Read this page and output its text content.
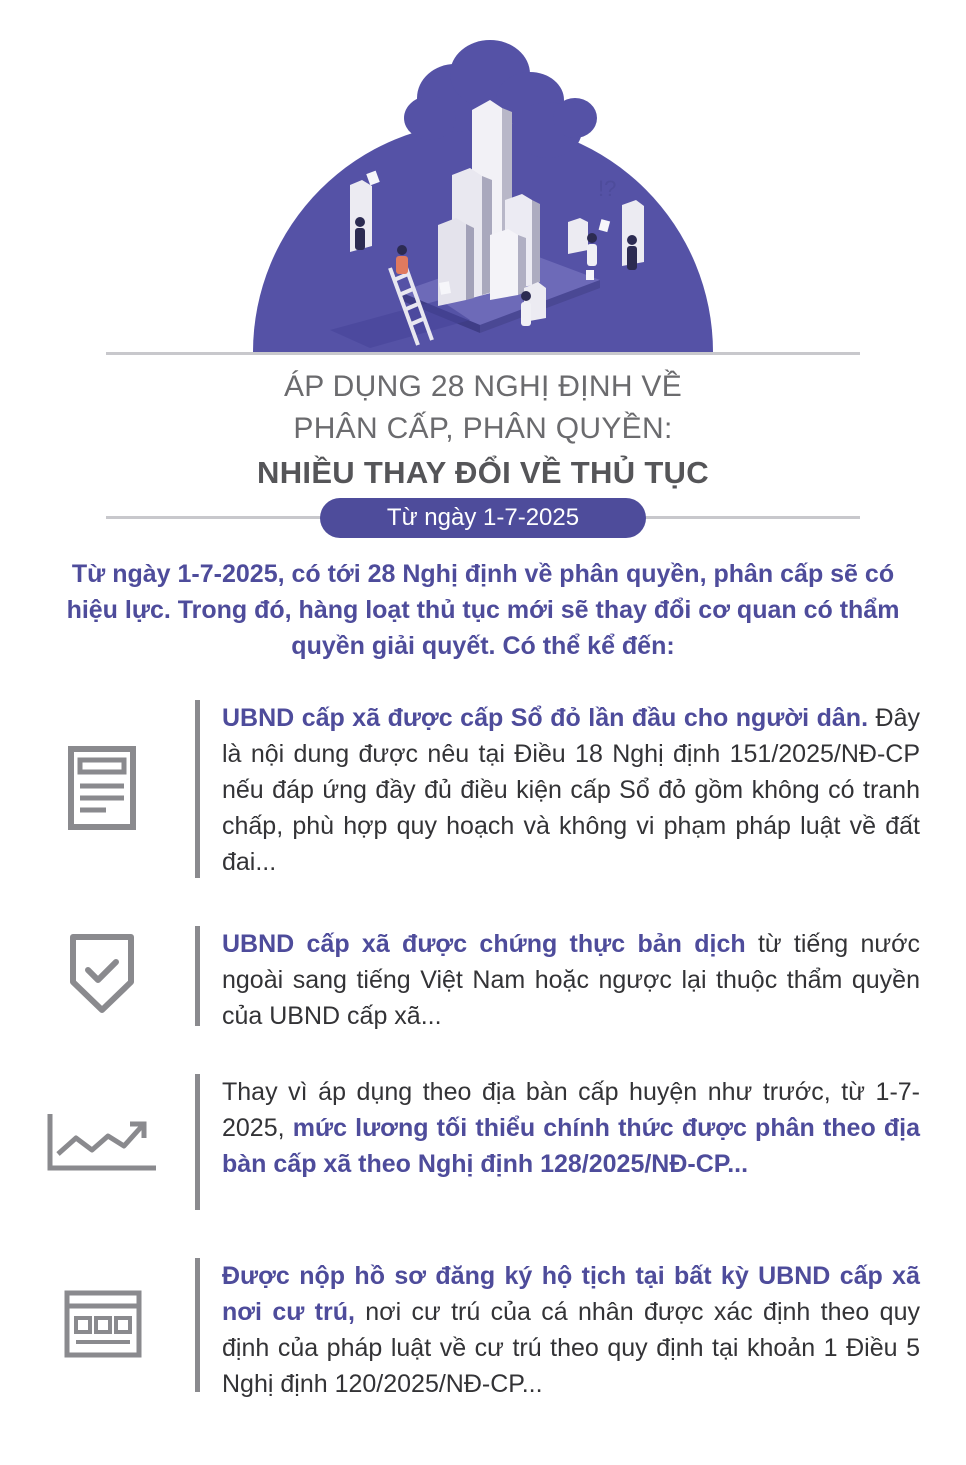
!?
ÁP DỤNG 28 NGHỊ ĐỊNH VỀ
PHÂN CẤP, PHÂN QUYỀN:
NHIỀU THAY ĐỔI VỀ THỦ TỤC
Từ ngày 1-7-2025
Từ ngày 1-7-2025, có tới 28 Nghị định về phân quyền, phân cấp sẽ có hiệu lực. Trong đó, hàng loạt thủ tục mới sẽ thay đổi cơ quan có thẩm quyền giải quyết. Có thể kể đến:
UBND cấp xã được cấp Sổ đỏ lần đầu cho người dân. Đây là nội dung được nêu tại Điều 18 Nghị định 151/2025/NĐ-CP nếu đáp ứng đầy đủ điều kiện cấp Sổ đỏ gồm không có tranh chấp, phù hợp quy hoạch và không vi phạm pháp luật về đất đai...
UBND cấp xã được chứng thực bản dịch từ tiếng nước ngoài sang tiếng Việt Nam hoặc ngược lại thuộc thẩm quyền của UBND cấp xã...
Thay vì áp dụng theo địa bàn cấp huyện như trước, từ 1-7-2025, mức lương tối thiểu chính thức được phân theo địa bàn cấp xã theo Nghị định 128/2025/NĐ-CP...
Được nộp hồ sơ đăng ký hộ tịch tại bất kỳ UBND cấp xã nơi cư trú, nơi cư trú của cá nhân được xác định theo quy định của pháp luật về cư trú theo quy định tại khoản 1 Điều 5 Nghị định 120/2025/NĐ-CP...
